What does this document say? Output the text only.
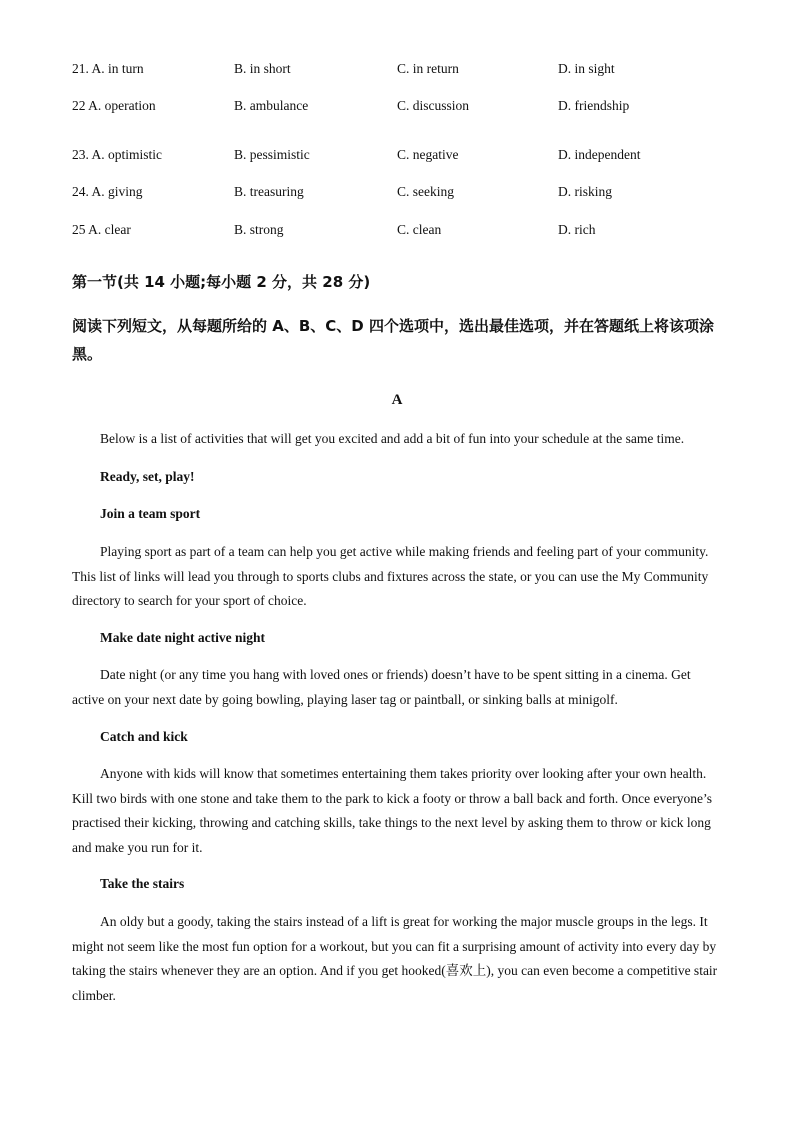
21. A. in turn	B. in short	C. in return	D. in sight
22 A. operation	B. ambulance	C. discussion	D. friendship
23. A. optimistic	B. pessimistic	C. negative	D. independent
24. A. giving	B. treasuring	C. seeking	D. risking
25 A. clear	B. strong	C. clean	D. rich
第一节(共 14 小题;每小题 2 分，共 28 分)
阅读下列短文，从每题所给的 A、B、C、D 四个选项中，选出最佳选项，并在答题纸上将该项涂黑。
A

Below is a list of activities that will get you excited and add a bit of fun into your schedule at the same time.

Ready, set, play!
Join a team sport

Playing sport as part of a team can help you get active while making friends and feeling part of your community. This list of links will lead you through to sports clubs and fixtures across the state, or you can use the My Community directory to search for your sport of choice.

Make date night active night

Date night (or any time you hang with loved ones or friends) doesn’t have to be spent sitting in a cinema. Get active on your next date by going bowling, playing laser tag or paintball, or sinking balls at minigolf.

Catch and kick

Anyone with kids will know that sometimes entertaining them takes priority over looking after your own health. Kill two birds with one stone and take them to the park to kick a footy or throw a ball back and forth. Once everyone’s practised their kicking, throwing and catching skills, take things to the next level by asking them to throw or kick long and make you run for it.

Take the stairs

An oldy but a goody, taking the stairs instead of a lift is great for working the major muscle groups in the legs. It might not seem like the most fun option for a workout, but you can fit a surprising amount of activity into every day by taking the stairs whenever they are an option. And if you get hooked(喜欢上), you can even become a competitive stair climber.
